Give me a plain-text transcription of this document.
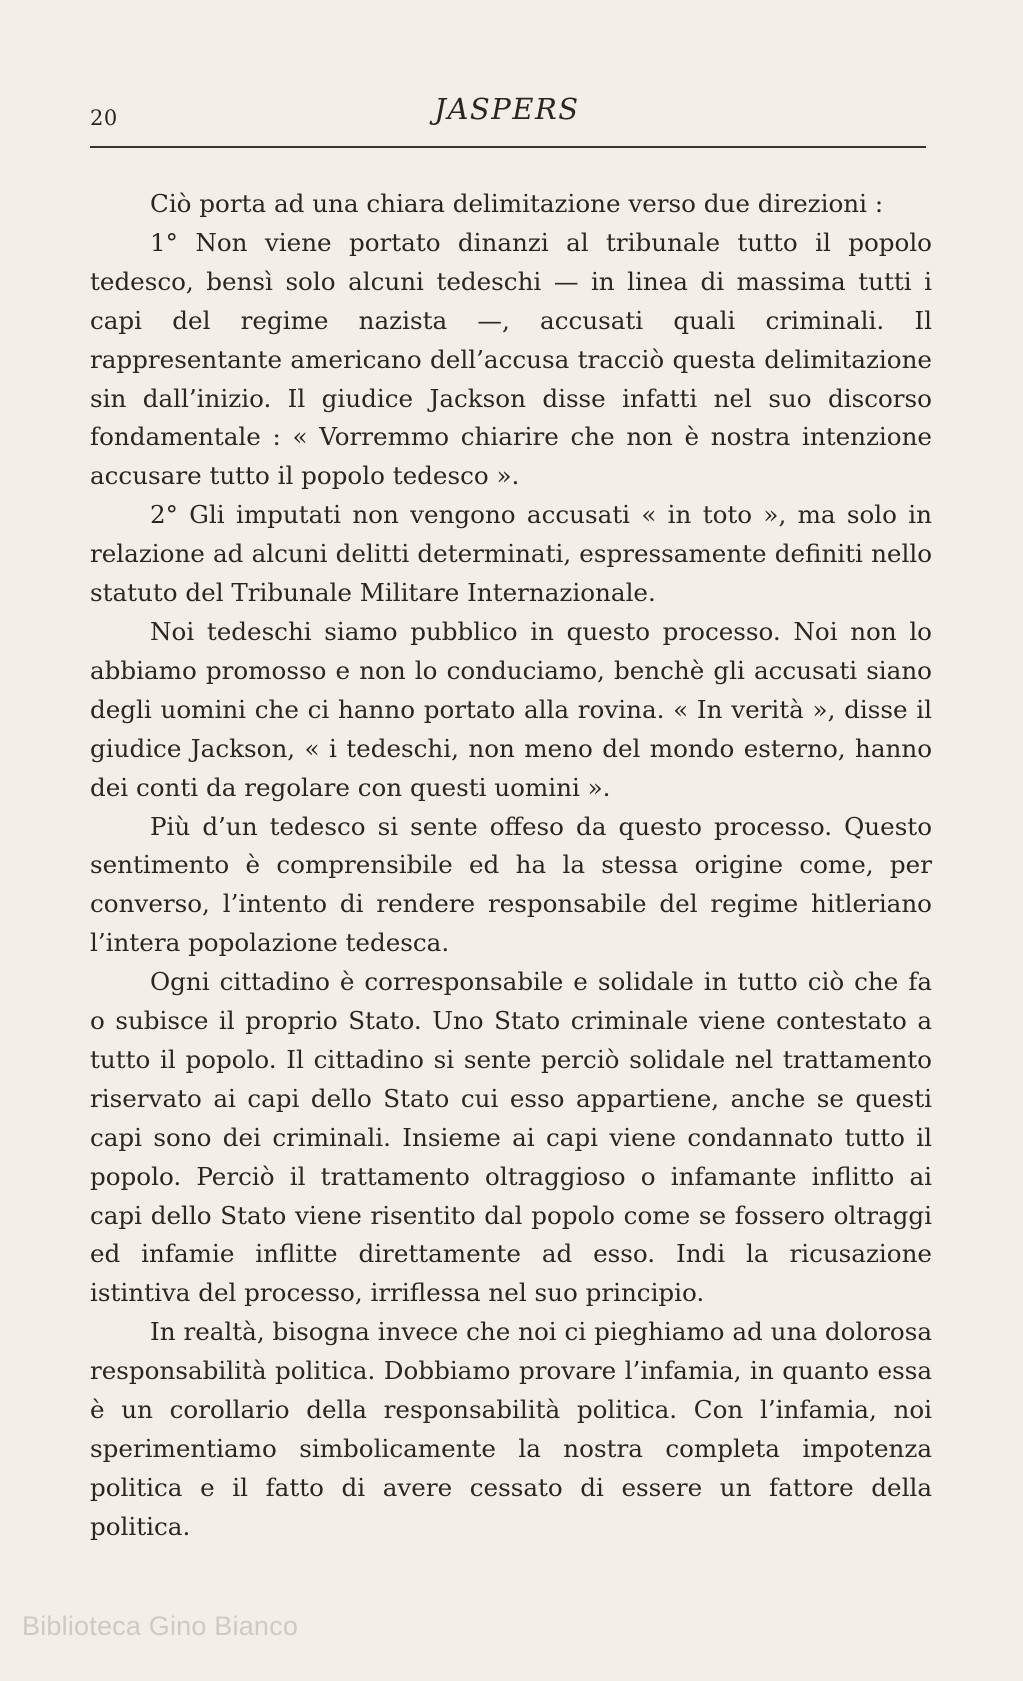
20	JASPERS

Ciò porta ad una chiara delimitazione verso due direzioni :

1° Non viene portato dinanzi al tribunale tutto il popolo tedesco, bensì solo alcuni tedeschi — in linea di massima tutti i capi del regime nazista —, accusati quali criminali. Il rappresentante americano dell’accusa tracciò questa delimitazione sin dall’inizio. Il giudice Jackson disse infatti nel suo discorso fondamentale : « Vorremmo chiarire che non è nostra intenzione accusare tutto il popolo tedesco ».

2° Gli imputati non vengono accusati « in toto », ma solo in relazione ad alcuni delitti determinati, espressamente definiti nello statuto del Tribunale Militare Internazionale.

Noi tedeschi siamo pubblico in questo processo. Noi non lo abbiamo promosso e non lo conduciamo, benchè gli accusati siano degli uomini che ci hanno portato alla rovina. « In verità », disse il giudice Jackson, « i tedeschi, non meno del mondo esterno, hanno dei conti da regolare con questi uomini ».

Più d’un tedesco si sente offeso da questo processo. Questo sentimento è comprensibile ed ha la stessa origine come, per converso, l’intento di rendere responsabile del regime hitleriano l’intera popolazione tedesca.

Ogni cittadino è corresponsabile e solidale in tutto ciò che fa o subisce il proprio Stato. Uno Stato criminale viene contestato a tutto il popolo. Il cittadino si sente perciò solidale nel trattamento riservato ai capi dello Stato cui esso appartiene, anche se questi capi sono dei criminali. Insieme ai capi viene condannato tutto il popolo. Perciò il trattamento oltraggioso o infamante inflitto ai capi dello Stato viene risentito dal popolo come se fossero oltraggi ed infamie inflitte direttamente ad esso. Indi la ricusazione istintiva del processo, irriflessa nel suo principio.

In realtà, bisogna invece che noi ci pieghiamo ad una dolorosa responsabilità politica. Dobbiamo provare l’infamia, in quanto essa è un corollario della responsabilità politica. Con l’infamia, noi sperimentiamo simbolicamente la nostra completa impotenza politica e il fatto di avere cessato di essere un fattore della politica.

Biblioteca Gino Bianco
